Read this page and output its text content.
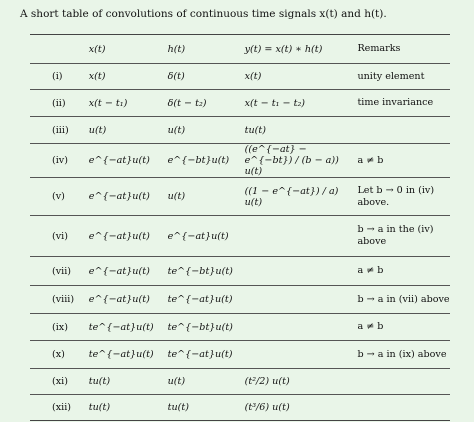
A short table of convolutions of continuous time signals x(t) and h(t).
	x(t)	h(t)	y(t) = x(t) ∗ h(t)	Remarks
(i)	x(t)	δ(t)	x(t)	unity element
(ii)	x(t − t₁)	δ(t − t₂)	x(t − t₁ − t₂)	time invariance
(iii)	u(t)	u(t)	tu(t)	
(iv)	e^{−at}u(t)	e^{−bt}u(t)	((e^{−at} − e^{−bt}) / (b − a)) u(t)	a ≠ b
(v)	e^{−at}u(t)	u(t)	((1 − e^{−at}) / a) u(t)	Let b → 0 in (iv) above.
(vi)	e^{−at}u(t)	e^{−at}u(t)		b → a in the (iv) above
(vii)	e^{−at}u(t)	te^{−bt}u(t)		a ≠ b
(viii)	e^{−at}u(t)	te^{−at}u(t)		b → a in (vii) above
(ix)	te^{−at}u(t)	te^{−bt}u(t)		a ≠ b
(x)	te^{−at}u(t)	te^{−at}u(t)		b → a in (ix) above
(xi)	tu(t)	u(t)	(t²/2) u(t)	
(xii)	tu(t)	tu(t)	(t³/6) u(t)	
